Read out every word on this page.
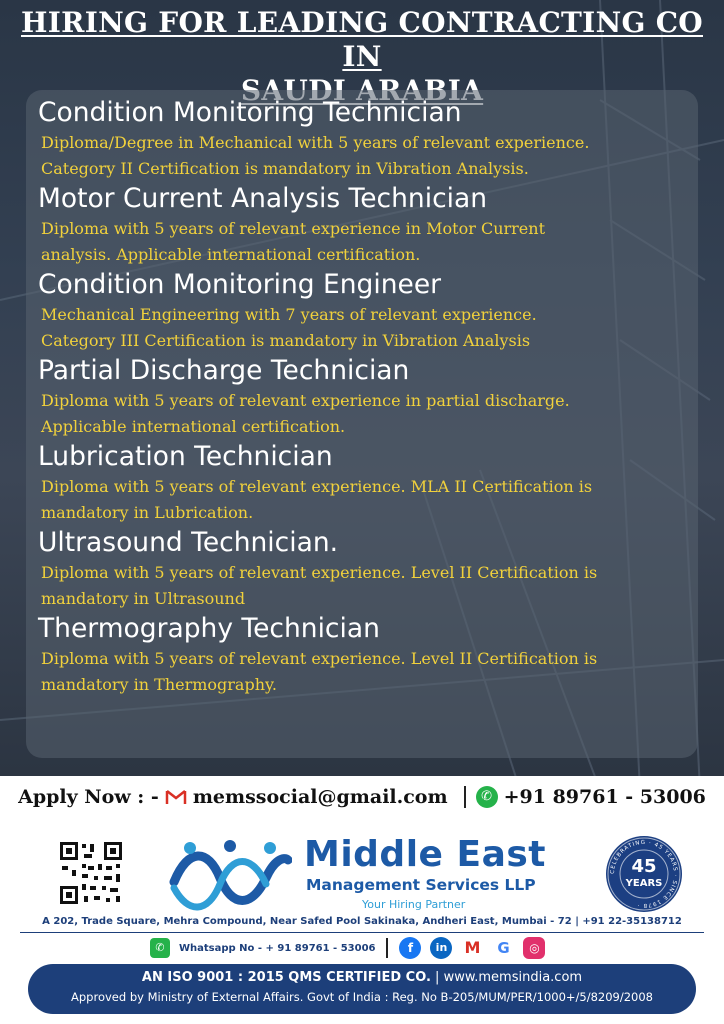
HIRING FOR LEADING CONTRACTING CO IN

Condition Monitoring Technician

Diploma/Degree in Mechanical with 5 years of relevant experience.
Category II Certification is mandatory in Vibration Analysis.

Motor Current Analysis Technician

Diploma with 5 years of relevant experience in Motor Current
analysis. Applicable international certification.

Condition Monitoring Engineer

Mechanical Engineering with 7 years of relevant experience.
Category III Certification is mandatory in Vibration Analysis

Partial Discharge Technician

Diploma with 5 years of relevant experience in partial discharge.
Applicable international certification.

Lubrication Technician

Diploma with 5 years of relevant experience. MLA II Certification is
mandatory in Lubrication.

Ultrasound Technician.

Diploma with 5 years of relevant experience. Level II Certification is
mandatory in Ultrasound

Thermography Technician

Diploma with 5 years of relevant experience. Level II Certification is
mandatory in Thermography.

Apply Now : - memssocial@gmail.com	✆ +91 89761 - 53006
Middle East
Management Services LLP
Your Hiring Partner
CELEBRATING · 45 YEARS · SINCE 1978 ·
45
YEARS
A 202, Trade Square, Mehra Compound, Near Safed Pool Sakinaka, Andheri East, Mumbai - 72 | +91 22-35138712
✆	Whatsapp No - + 91 89761 - 53006	f	in	M	G	◎
AN ISO 9001 : 2015 QMS CERTIFIED CO. | www.memsindia.com
Approved by Ministry of External Affairs. Govt of India : Reg. No B-205/MUM/PER/1000+/5/8209/2008
